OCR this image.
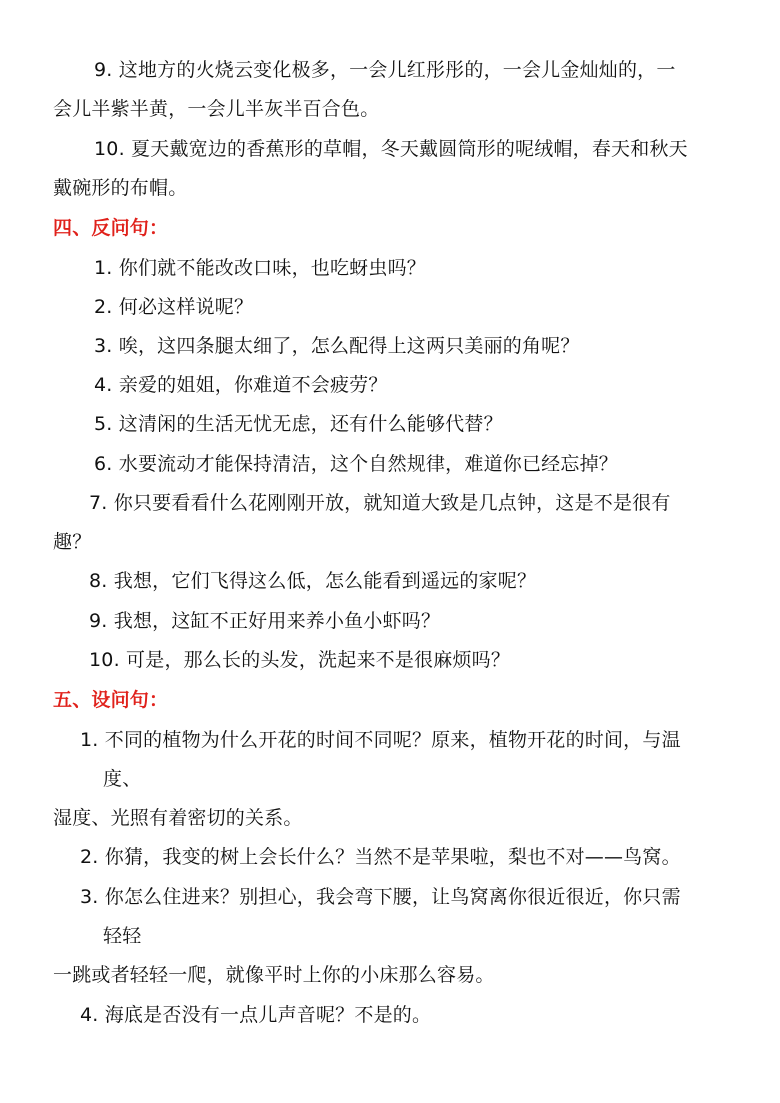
9. 这地方的火烧云变化极多，一会儿红彤彤的，一会儿金灿灿的，一
会儿半紫半黄，一会儿半灰半百合色。
10. 夏天戴宽边的香蕉形的草帽，冬天戴圆筒形的呢绒帽，春天和秋天
戴碗形的布帽。
四、反问句：
1. 你们就不能改改口味，也吃蚜虫吗？
2. 何必这样说呢？
3. 唉，这四条腿太细了，怎么配得上这两只美丽的角呢？
4. 亲爱的姐姐，你难道不会疲劳？
5. 这清闲的生活无忧无虑，还有什么能够代替？
6. 水要流动才能保持清洁，这个自然规律，难道你已经忘掉？
7. 你只要看看什么花刚刚开放，就知道大致是几点钟，这是不是很有
趣？
8. 我想，它们飞得这么低，怎么能看到遥远的家呢？
9. 我想，这缸不正好用来养小鱼小虾吗？
10. 可是，那么长的头发，洗起来不是很麻烦吗？
五、设问句：
1. 不同的植物为什么开花的时间不同呢？原来，植物开花的时间，与温
度、
湿度、光照有着密切的关系。
2. 你猜，我变的树上会长什么？当然不是苹果啦，梨也不对——鸟窝。
3. 你怎么住进来？别担心，我会弯下腰，让鸟窝离你很近很近，你只需
轻轻
一跳或者轻轻一爬，就像平时上你的小床那么容易。
4. 海底是否没有一点儿声音呢？不是的。
